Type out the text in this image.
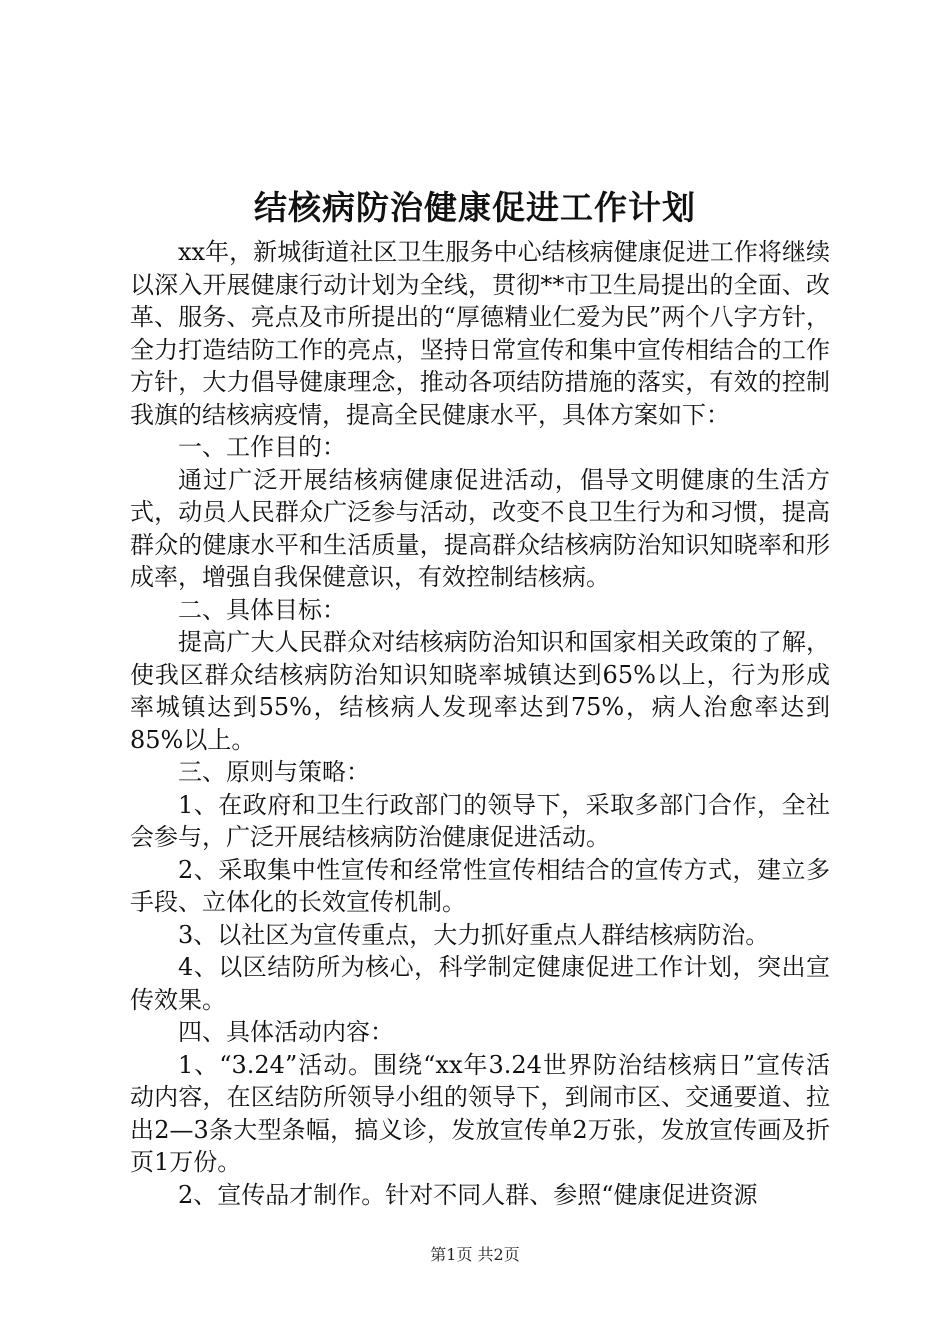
结核病防治健康促进工作计划

xx年，新城街道社区卫生服务中心结核病健康促进工作将继续以深入开展健康行动计划为全线，贯彻**市卫生局提出的全面、改革、服务、亮点及市所提出的“厚德精业仁爱为民”两个八字方针，全力打造结防工作的亮点，坚持日常宣传和集中宣传相结合的工作方针，大力倡导健康理念，推动各项结防措施的落实，有效的控制我旗的结核病疫情，提高全民健康水平，具体方案如下：

一、工作目的：

通过广泛开展结核病健康促进活动，倡导文明健康的生活方式，动员人民群众广泛参与活动，改变不良卫生行为和习惯，提高群众的健康水平和生活质量，提高群众结核病防治知识知晓率和形成率，增强自我保健意识，有效控制结核病。

二、具体目标：

提高广大人民群众对结核病防治知识和国家相关政策的了解，使我区群众结核病防治知识知晓率城镇达到65%以上，行为形成率城镇达到55%，结核病人发现率达到75%，病人治愈率达到85%以上。

三、原则与策略：

1、在政府和卫生行政部门的领导下，采取多部门合作，全社会参与，广泛开展结核病防治健康促进活动。

2、采取集中性宣传和经常性宣传相结合的宣传方式，建立多手段、立体化的长效宣传机制。

3、以社区为宣传重点，大力抓好重点人群结核病防治。

4、以区结防所为核心，科学制定健康促进工作计划，突出宣传效果。

四、具体活动内容：

1、“3.24”活动。围绕“xx年3.24世界防治结核病日”宣传活动内容，在区结防所领导小组的领导下，到闹市区、交通要道、拉出2—3条大型条幅，搞义诊，发放宣传单2万张，发放宣传画及折页1万份。

2、宣传品才制作。针对不同人群、参照“健康促进资源

第1页 共2页
